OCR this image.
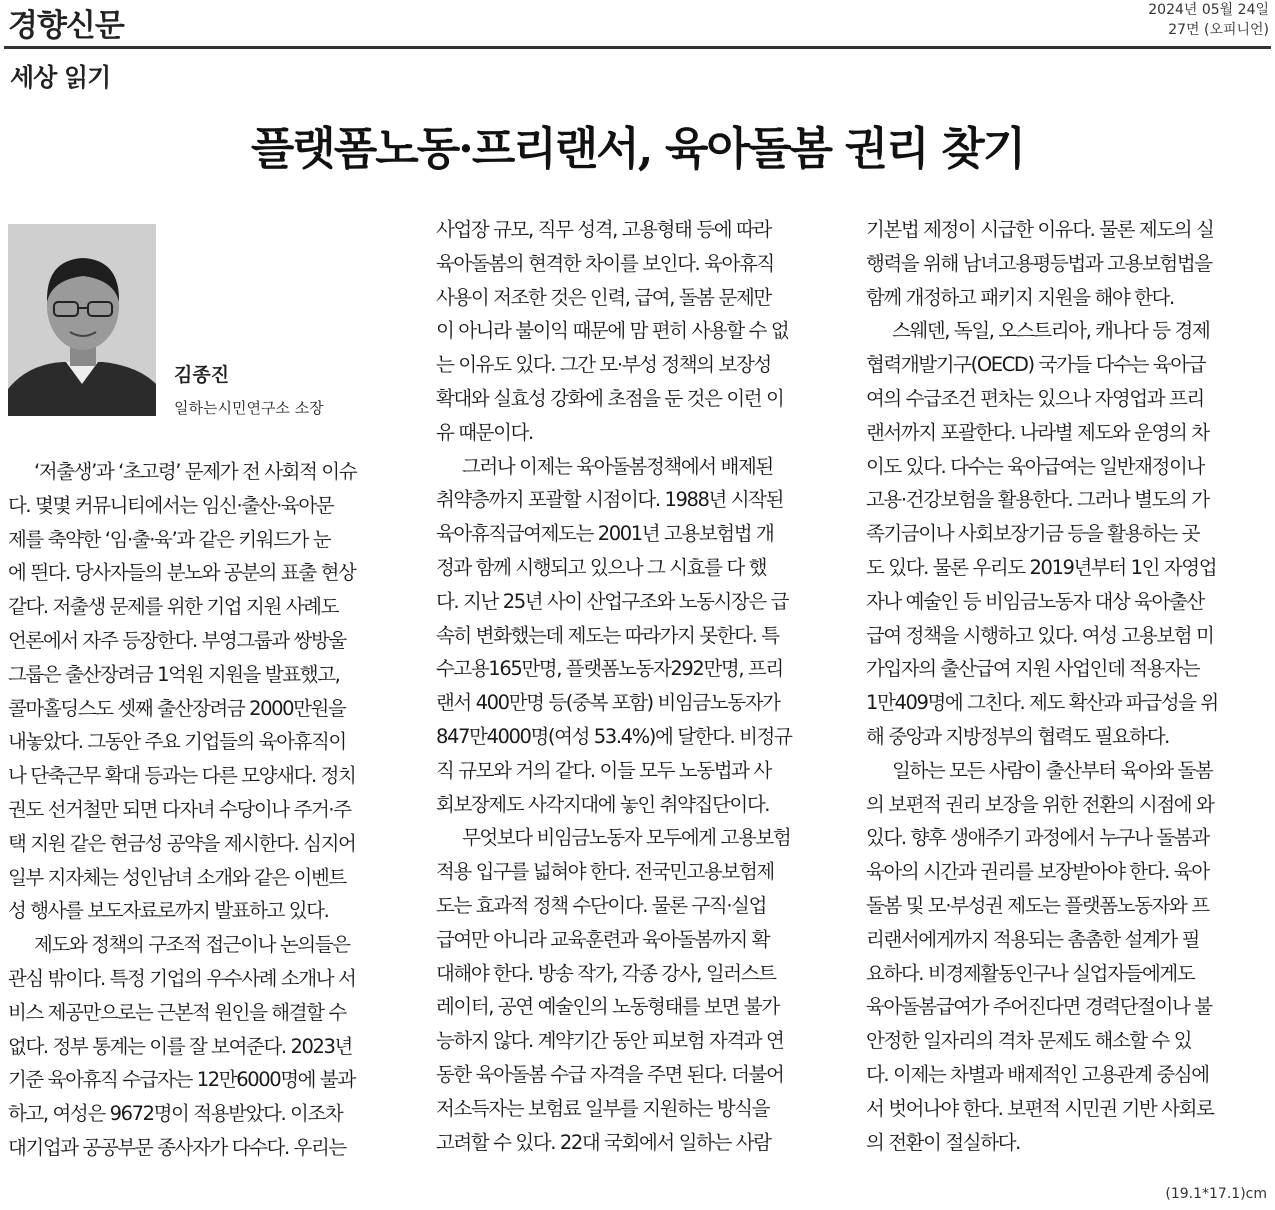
경향신문	2024년 05월 24일
27면 (오피니언)
세상 읽기
플랫폼노동·프리랜서, 육아돌봄 권리 찾기
김종진
일하는시민연구소 소장
‘저출생’과 ‘초고령’ 문제가 전 사회적 이슈
다. 몇몇 커뮤니티에서는 임신·출산·육아문
제를 축약한 ‘임·출·육’과 같은 키워드가 눈
에 띈다. 당사자들의 분노와 공분의 표출 현상
같다. 저출생 문제를 위한 기업 지원 사례도
언론에서 자주 등장한다. 부영그룹과 쌍방울
그룹은 출산장려금 1억원 지원을 발표했고,
콜마홀딩스도 셋째 출산장려금 2000만원을
내놓았다. 그동안 주요 기업들의 육아휴직이
나 단축근무 확대 등과는 다른 모양새다. 정치
권도 선거철만 되면 다자녀 수당이나 주거·주
택 지원 같은 현금성 공약을 제시한다. 심지어
일부 지자체는 성인남녀 소개와 같은 이벤트
성 행사를 보도자료로까지 발표하고 있다.
제도와 정책의 구조적 접근이나 논의들은
관심 밖이다. 특정 기업의 우수사례 소개나 서
비스 제공만으로는 근본적 원인을 해결할 수
없다. 정부 통계는 이를 잘 보여준다. 2023년
기준 육아휴직 수급자는 12만6000명에 불과
하고, 여성은 9672명이 적용받았다. 이조차
대기업과 공공부문 종사자가 다수다. 우리는
사업장 규모, 직무 성격, 고용형태 등에 따라
육아돌봄의 현격한 차이를 보인다. 육아휴직
사용이 저조한 것은 인력, 급여, 돌봄 문제만
이 아니라 불이익 때문에 맘 편히 사용할 수 없
는 이유도 있다. 그간 모·부성 정책의 보장성
확대와 실효성 강화에 초점을 둔 것은 이런 이
유 때문이다.
그러나 이제는 육아돌봄정책에서 배제된
취약층까지 포괄할 시점이다. 1988년 시작된
육아휴직급여제도는 2001년 고용보험법 개
정과 함께 시행되고 있으나 그 시효를 다 했
다. 지난 25년 사이 산업구조와 노동시장은 급
속히 변화했는데 제도는 따라가지 못한다. 특
수고용165만명, 플랫폼노동자292만명, 프리
랜서 400만명 등(중복 포함) 비임금노동자가
847만4000명(여성 53.4%)에 달한다. 비정규
직 규모와 거의 같다. 이들 모두 노동법과 사
회보장제도 사각지대에 놓인 취약집단이다.
무엇보다 비임금노동자 모두에게 고용보험
적용 입구를 넓혀야 한다. 전국민고용보험제
도는 효과적 정책 수단이다. 물론 구직·실업
급여만 아니라 교육훈련과 육아돌봄까지 확
대해야 한다. 방송 작가, 각종 강사, 일러스트
레이터, 공연 예술인의 노동형태를 보면 불가
능하지 않다. 계약기간 동안 피보험 자격과 연
동한 육아돌봄 수급 자격을 주면 된다. 더불어
저소득자는 보험료 일부를 지원하는 방식을
고려할 수 있다. 22대 국회에서 일하는 사람
기본법 제정이 시급한 이유다. 물론 제도의 실
행력을 위해 남녀고용평등법과 고용보험법을
함께 개정하고 패키지 지원을 해야 한다.
스웨덴, 독일, 오스트리아, 캐나다 등 경제
협력개발기구(OECD) 국가들 다수는 육아급
여의 수급조건 편차는 있으나 자영업과 프리
랜서까지 포괄한다. 나라별 제도와 운영의 차
이도 있다. 다수는 육아급여는 일반재정이나
고용·건강보험을 활용한다. 그러나 별도의 가
족기금이나 사회보장기금 등을 활용하는 곳
도 있다. 물론 우리도 2019년부터 1인 자영업
자나 예술인 등 비임금노동자 대상 육아출산
급여 정책을 시행하고 있다. 여성 고용보험 미
가입자의 출산급여 지원 사업인데 적용자는
1만409명에 그친다. 제도 확산과 파급성을 위
해 중앙과 지방정부의 협력도 필요하다.
일하는 모든 사람이 출산부터 육아와 돌봄
의 보편적 권리 보장을 위한 전환의 시점에 와
있다. 향후 생애주기 과정에서 누구나 돌봄과
육아의 시간과 권리를 보장받아야 한다. 육아
돌봄 및 모·부성권 제도는 플랫폼노동자와 프
리랜서에게까지 적용되는 촘촘한 설계가 필
요하다. 비경제활동인구나 실업자들에게도
육아돌봄급여가 주어진다면 경력단절이나 불
안정한 일자리의 격차 문제도 해소할 수 있
다. 이제는 차별과 배제적인 고용관계 중심에
서 벗어나야 한다. 보편적 시민권 기반 사회로
의 전환이 절실하다.
(19.1*17.1)cm
